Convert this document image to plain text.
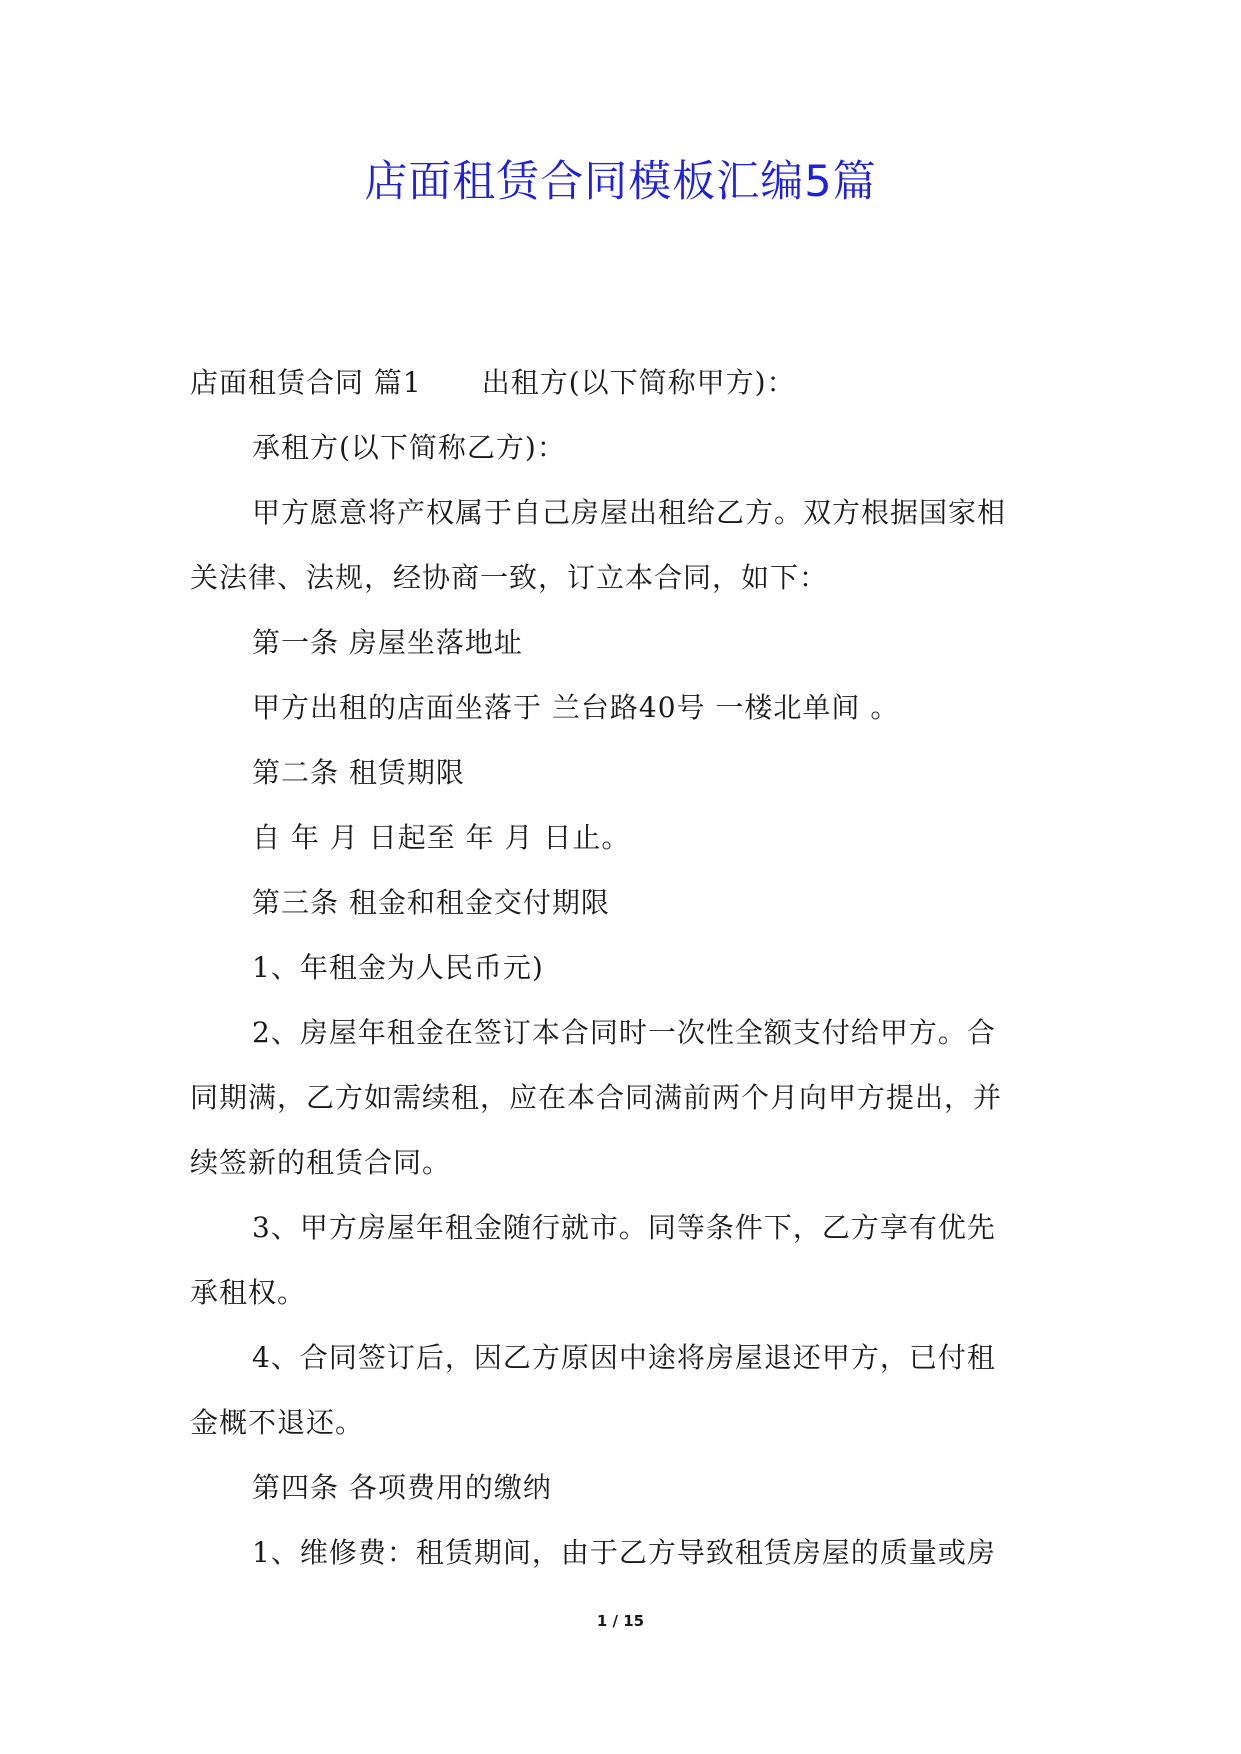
店面租赁合同模板汇编5篇
店面租赁合同 篇1 出租方(以下简称甲方)：
承租方(以下简称乙方)：
甲方愿意将产权属于自己房屋出租给乙方。双方根据国家相
关法律、法规，经协商一致，订立本合同，如下：
第一条 房屋坐落地址
甲方出租的店面坐落于 兰台路40号 一楼北单间 。
第二条 租赁期限
自 年 月 日起至 年 月 日止。
第三条 租金和租金交付期限
1、年租金为人民币元)
2、房屋年租金在签订本合同时一次性全额支付给甲方。合
同期满，乙方如需续租，应在本合同满前两个月向甲方提出，并
续签新的租赁合同。
3、甲方房屋年租金随行就市。同等条件下，乙方享有优先
承租权。
4、合同签订后，因乙方原因中途将房屋退还甲方，已付租
金概不退还。
第四条 各项费用的缴纳
1、维修费：租赁期间，由于乙方导致租赁房屋的质量或房
1 / 15
